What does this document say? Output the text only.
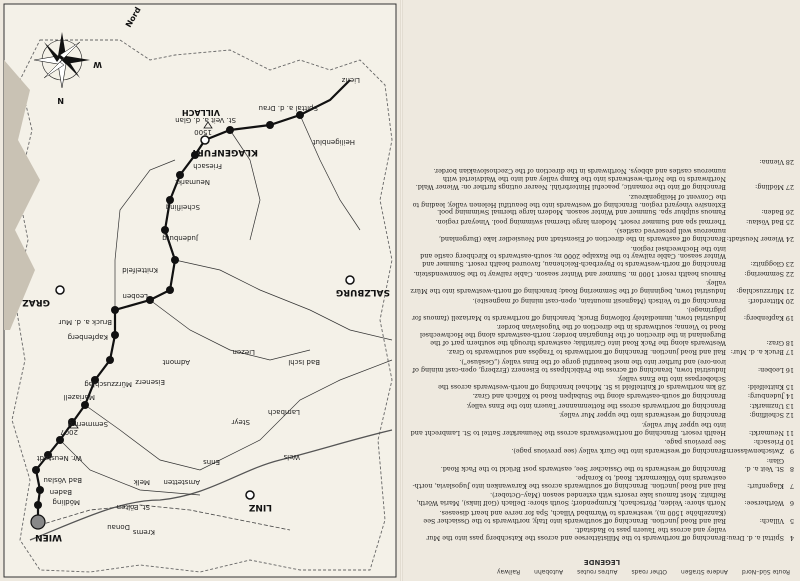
WIEN
GRAZ
LINZ
SALZBURG
KLAGENFURT
VILLACH
Mödling
Baden
Bad Vöslau
Wr. Neustadt
Semmering
Mürzzuschlag
Kapfenberg
Bruck a. d. Mur
Leoben
Knittelfeld
Judenburg
Scheifling
Neumarkt
Friesach
St. Veit a. d. Glan
Spittal a. d. Drau
Lienz
Heiligenblut
Mariazell
Melk
Krems
St. Pölten
Steyr
Eisenerz
Admont
Liezen
Lambach
Enns
Amstetten
Bad Ischl
Wels
Donau
2007
1500
N
W
Nord
Route Süd–Nord
Andere Straßen
Other roads
Autres routes
Autobahn
Railway
LEGENDE
4
Spittal a. d. Drau:
Branching off northwards to the Millstättersee and across the Katschberg pass into the Mur valley and across the Tauern pass to Radstadt.
5
Villach:
Rail and Road junction. Branching off southwards into Italy, northwards to the Ossiacher See (Kanzelhöhe 1500 m), westwards to Warmbad Villach, Spa for nerve and heart diseases.
6
Wörthersee:
North shore: Velden, Pörtschach, Krumpendorf; South shore: Dellach (Golf links), Maria Wörth, Reifnitz. Most famous lake resorts with extended season (May–October).
7
Klagenfurt:
Rail and Road junction. Branching off southwards across the Karawanken into Jugoslavia, north-eastwards into Völkermarkt. Road, to Koralpe.
8
St. Veit a. d. Glan:
Branching off westwards to the Ossiacher See, eastwards post Brückl to the Pack Road.
9
Zwischenwässern:
Branching off westwards into the Gurk valley (see previous page).
10
Friesach:
See previous page.
11
Neumarkt:
Health resort. Branching off northwestwards across the Neumarkter Sattel to St. Lambrecht and into the upper Mur valley.
12
Scheifling:
Branching off westwards into the upper Mur valley.
13
Unzmarkt:
Branching off northwards across the Rottenmanner Tauern into the Enns valley.
14
Judenburg:
Branching off south-eastwards along the Stubalpen Road to Köflach and Graz.
15
Knittelfeld:
28 km northwards of Knittelfeld is St. Michael branching off north-westwards across the Schoberpass into the Enns valley.
16
Leoben:
Industrial town, branching off across the Präbichlpass to Eisenerz (Erzberg, open-cast mining of iron-ore) and further into the most beautiful gorge of the Enns valley („Gesäuse").
17
Bruck a. d. Mur:
Rail and Road junction. Branching off northwards to Tragöss and southwards to Graz.
18
Graz:
Westwards along the Pack Road into Carinthia; eastwards through the southern part of the Burgenland in the direction of the Hungarian border; north-eastwards along the Hochwechsel Road to Vienna; southwards in the direction of the Yugoslavian border.
19
Kapfenberg:
Industrial town, immediately following Bruck, branching off northwards to Mariazell (famous for pilgrimage).
20
Mitterdorf:
Branching off to Veitsch (Magnesit mountain, open-cast mining of magnesite).
21
Mürzzuschlag:
Industrial town, beginning of the Semmering Road; branching off north-westwards into the Mürz valley.
22
Semmering:
Famous health resort 1000 m. Summer and Winter season. Cable railway to the Sonnwendstein.
23
Gloggnitz:
Branching off north-westwards to Payerbach-Reichenau, favoured health resort. Summer and Winter season. Cable railway to the Raxalpe 2000 m; south-eastwards to Kirchberg castle and into the Hochwechsel region.
24
Wiener Neustadt:
Branching off eastwards in the direction of Eisenstadt and Neusiedler lake (Burgenland, numerous well preserved castles).
25
Bad Vöslau:
Thermal spa and Summer resort. Modern large thermal swimming pool. Vineyard region.
26
Baden:
Famous sulphur spa. Summer and Winter season. Modern large thermal Swimming pool. Extensive vineyard region. Branching off westwards into the beautiful Helenen valley, leading to the Convent of Heiligenkreuz.
27
Mödling:
Branching off into the romantic, peaceful Hinterbrühl. Nearer outings further on: Wiener Wald. Northwards to the North-westwards into the Kamp valley and into the Waldviertel with numerous castles and abbeys. Northwards in the direction of the Czechoslovakian border.
28
Vienna:
